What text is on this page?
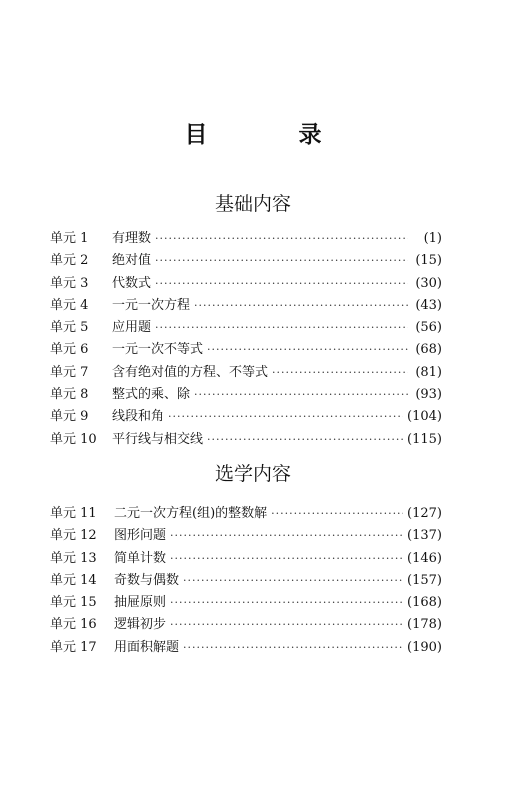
目　录
基础内容
单元 1	有理数 ·····	(1)
单元 2	绝对值 ·····	(15)
单元 3	代数式 ·····	(30)
单元 4	一元一次方程 ·····	(43)
单元 5	应用题 ·····	(56)
单元 6	一元一次不等式 ·····	(68)
单元 7	含有绝对值的方程、不等式 ·····	(81)
单元 8	整式的乘、除 ·····	(93)
单元 9	线段和角 ·····	(104)
单元 10	平行线与相交线 ·····	(115)
选学内容
单元 11	二元一次方程(组)的整数解 ·····	(127)
单元 12	图形问题 ·····	(137)
单元 13	简单计数 ·····	(146)
单元 14	奇数与偶数 ·····	(157)
单元 15	抽屉原则 ·····	(168)
单元 16	逻辑初步 ·····	(178)
单元 17	用面积解题 ·····	(190)
